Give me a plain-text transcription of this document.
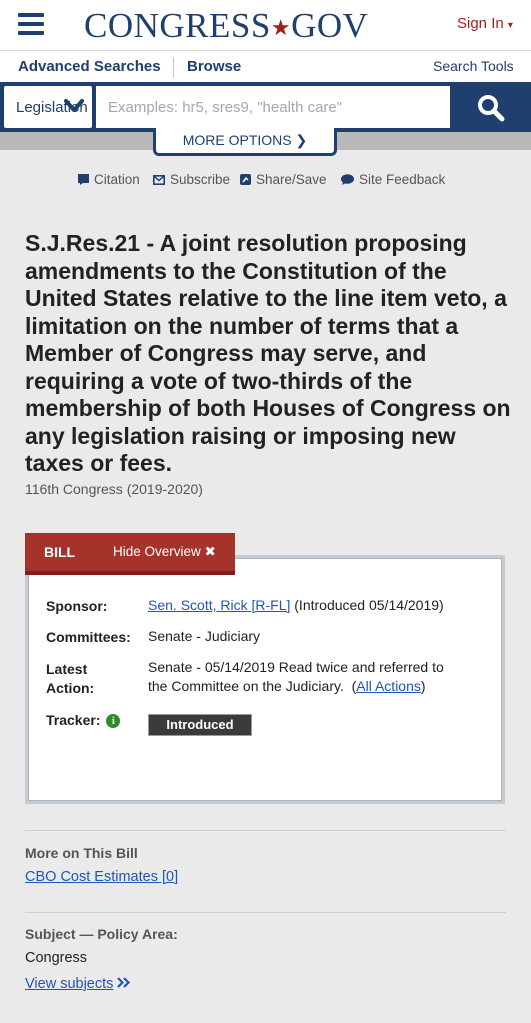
CONGRESS★GOV	Sign In ▾
Advanced Searches Browse	Search Tools
Legislation
Examples: hr5, sres9, "health care"
MORE OPTIONS ❯
Citation	Subscribe	Share/Save	Site Feedback
S.J.Res.21 - A joint resolution proposing amendments to the Constitution of the United States relative to the line item veto, a limitation on the number of terms that a Member of Congress may serve, and requiring a vote of two-thirds of the membership of both Houses of Congress on any legislation raising or imposing new taxes or fees.
116th Congress (2019-2020)
BILL	Hide Overview ✖
Sponsor:	Sen. Scott, Rick [R-FL] (Introduced 05/14/2019)
Committees: Senate - Judiciary
Latest
Action:
Senate - 05/14/2019 Read twice and referred to
the Committee on the Judiciary.  (All Actions)
Tracker: i	Introduced
More on This Bill
CBO Cost Estimates [0]
Subject — Policy Area:
Congress
View subjects
